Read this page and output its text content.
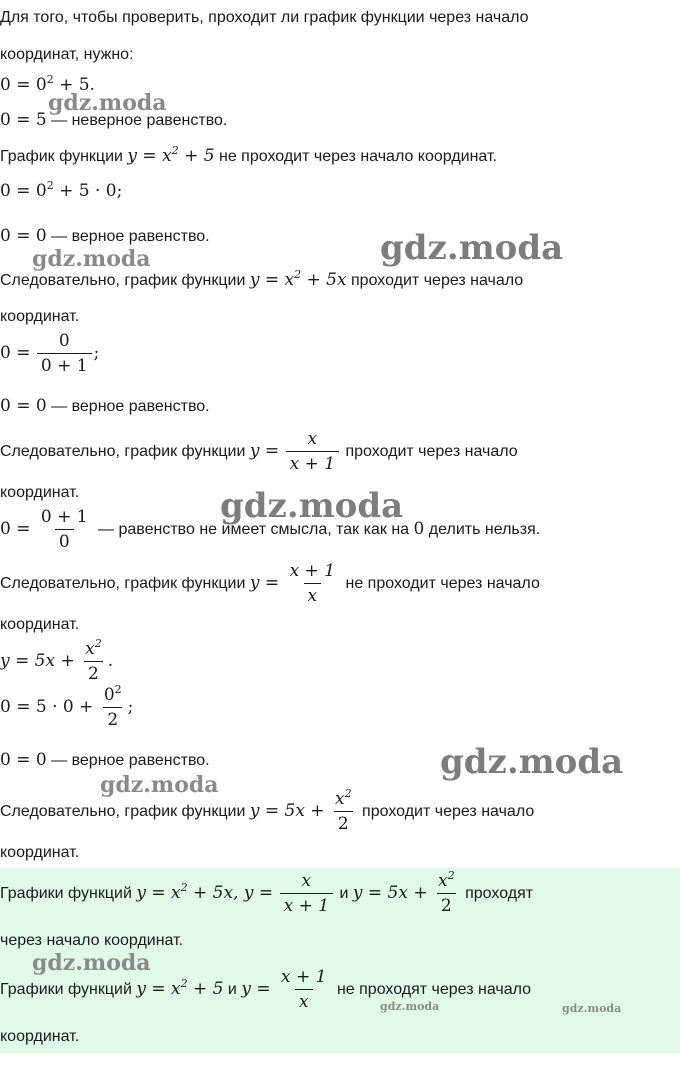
Для того, чтобы проверить, проходит ли график функции через начало
координат, нужно:
$0 = 0^2 + 5$.
0 = 5 — неверное равенство.
График функции $y = x^2 + 5$ не проходит через начало координат.
$0 = 0^2 + 5 \cdot 0$;
0 = 0 — верное равенство.
Следовательно, график функции $y = x^2 + 5x$ проходит через начало
координат.
$0 = \frac{0}{0 + 1}$ ;
0 = 0 — верное равенство.
Следовательно, график функции $y = \frac{x}{x + 1}$ проходит через начало
координат.
$0 = \frac{0 + 1}{0}$ — равенство не имеет смысла, так как на 0 делить нельзя.
Следовательно, график функции $y = \frac{x + 1}{x}$ не проходит через начало
координат.
$y = 5x + \frac{x^2}{2}$ .
$0 = 5 \cdot 0 + \frac{0^2}{2}$ ;
0 = 0 — верное равенство.
Следовательно, график функции $y = 5x + \frac{x^2}{2}$ проходит через начало
координат.
Графики функций $y = x^2 + 5x$, $y = \frac{x}{x + 1}$ и $y = 5x + \frac{x^2}{2}$ проходят
через начало координат.
Графики функций $y = x^2 + 5$ и $y = \frac{x + 1}{x}$ не проходят через начало
координат.
gdz.moda
gdz.moda
gdz.moda
gdz.moda
gdz.moda
gdz.moda
gdz.moda
gdz.moda	gdz.moda
